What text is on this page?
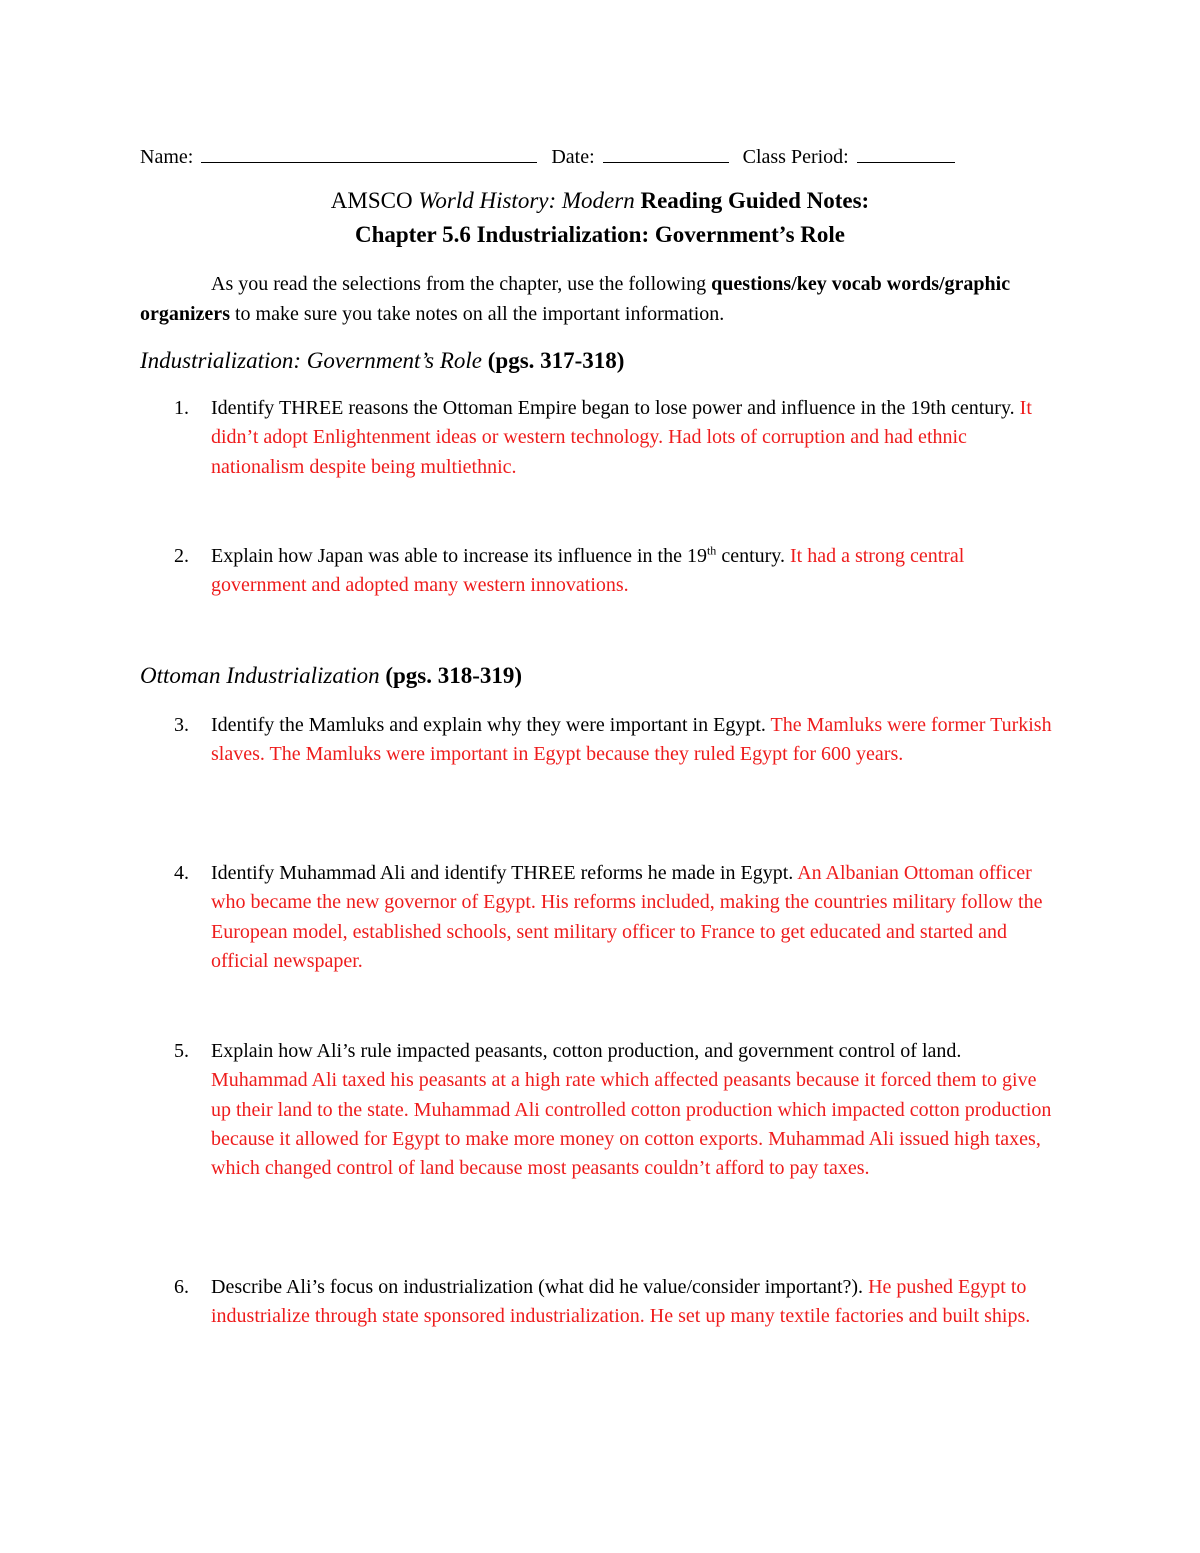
Name:	Date:	Class Period:
AMSCO World History: Modern Reading Guided Notes:
Chapter 5.6 Industrialization: Government’s Role
As you read the selections from the chapter, use the following questions/key vocab words/graphic organizers to make sure you take notes on all the important information.
Industrialization: Government’s Role (pgs. 317-318)
1. Identify THREE reasons the Ottoman Empire began to lose power and influence in the 19th century. It didn’t adopt Enlightenment ideas or western technology. Had lots of corruption and had ethnic nationalism despite being multiethnic.
2. Explain how Japan was able to increase its influence in the 19th century. It had a strong central government and adopted many western innovations.
Ottoman Industrialization (pgs. 318-319)
3. Identify the Mamluks and explain why they were important in Egypt. The Mamluks were former Turkish slaves. The Mamluks were important in Egypt because they ruled Egypt for 600 years.
4. Identify Muhammad Ali and identify THREE reforms he made in Egypt. An Albanian Ottoman officer who became the new governor of Egypt. His reforms included, making the countries military follow the European model, established schools, sent military officer to France to get educated and started and official newspaper.
5. Explain how Ali’s rule impacted peasants, cotton production, and government control of land. Muhammad Ali taxed his peasants at a high rate which affected peasants because it forced them to give up their land to the state. Muhammad Ali controlled cotton production which impacted cotton production because it allowed for Egypt to make more money on cotton exports. Muhammad Ali issued high taxes, which changed control of land because most peasants couldn’t afford to pay taxes.
6. Describe Ali’s focus on industrialization (what did he value/consider important?). He pushed Egypt to industrialize through state sponsored industrialization. He set up many textile factories and built ships.
